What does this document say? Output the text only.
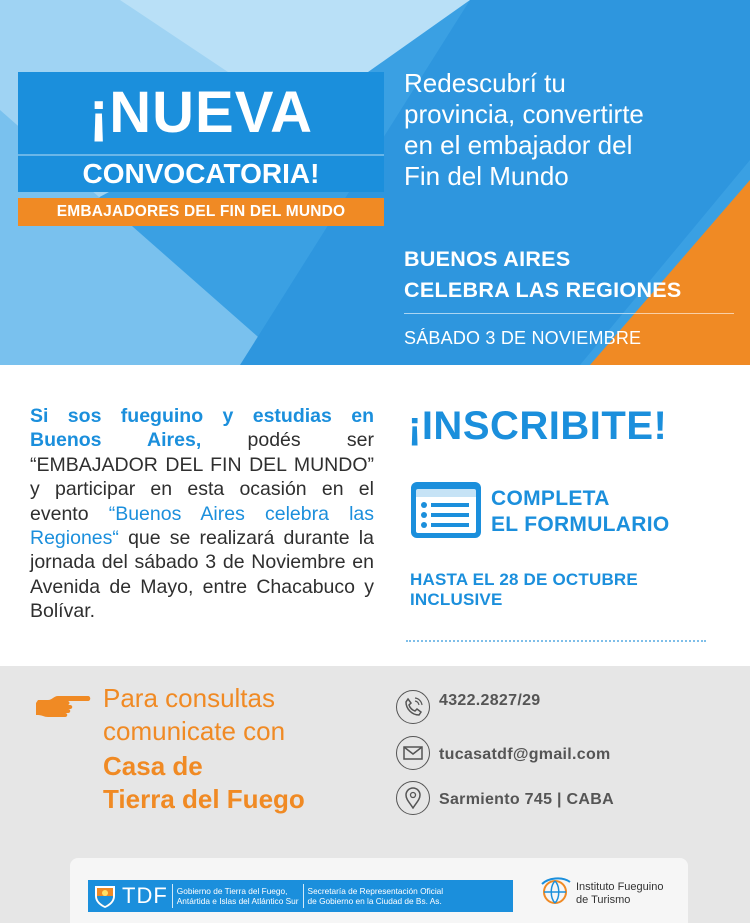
¡NUEVA
CONVOCATORIA!
EMBAJADORES DEL FIN DEL MUNDO
Redescubrí tu
provincia, convertirte
en el embajador del
Fin del Mundo
BUENOS AIRES
CELEBRA LAS REGIONES
SÁBADO 3 DE NOVIEMBRE
Si sos fueguino y estudias en Buenos Aires, podés ser “EMBAJADOR DEL FIN DEL MUNDO” y participar en esta ocasión en el evento “Buenos Aires celebra las Regiones“ que se realizará durante la jornada del sábado 3 de Noviembre en Avenida de Mayo, entre Chacabuco y Bolívar.
¡INSCRIBITE!
COMPLETA
EL FORMULARIO
HASTA EL 28 DE OCTUBRE
INCLUSIVE
Para consultas
comunicate con
Casa de
Tierra del Fuego
4322.2827/29
tucasatdf@gmail.com
Sarmiento 745 | CABA
TDF Gobierno de Tierra del Fuego,
Antártida e Islas del Atlántico Sur
Secretaría de Representación Oficial
de Gobierno en la Ciudad de Bs. As.
Instituto Fueguino
de Turismo
